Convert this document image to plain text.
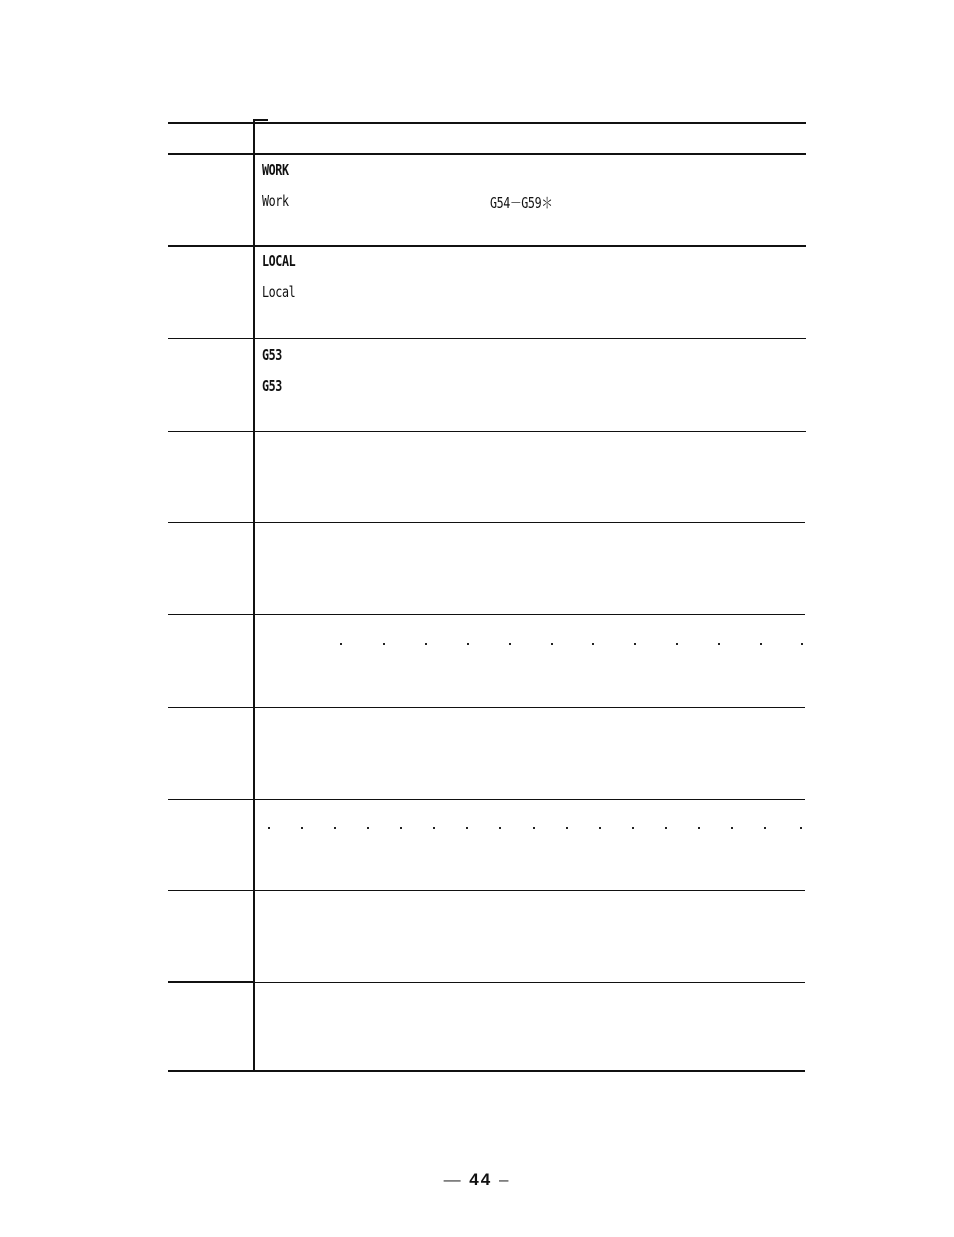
WORK
Work	G54－G59＊
LOCAL
Local
G53
G53
— 44 –
